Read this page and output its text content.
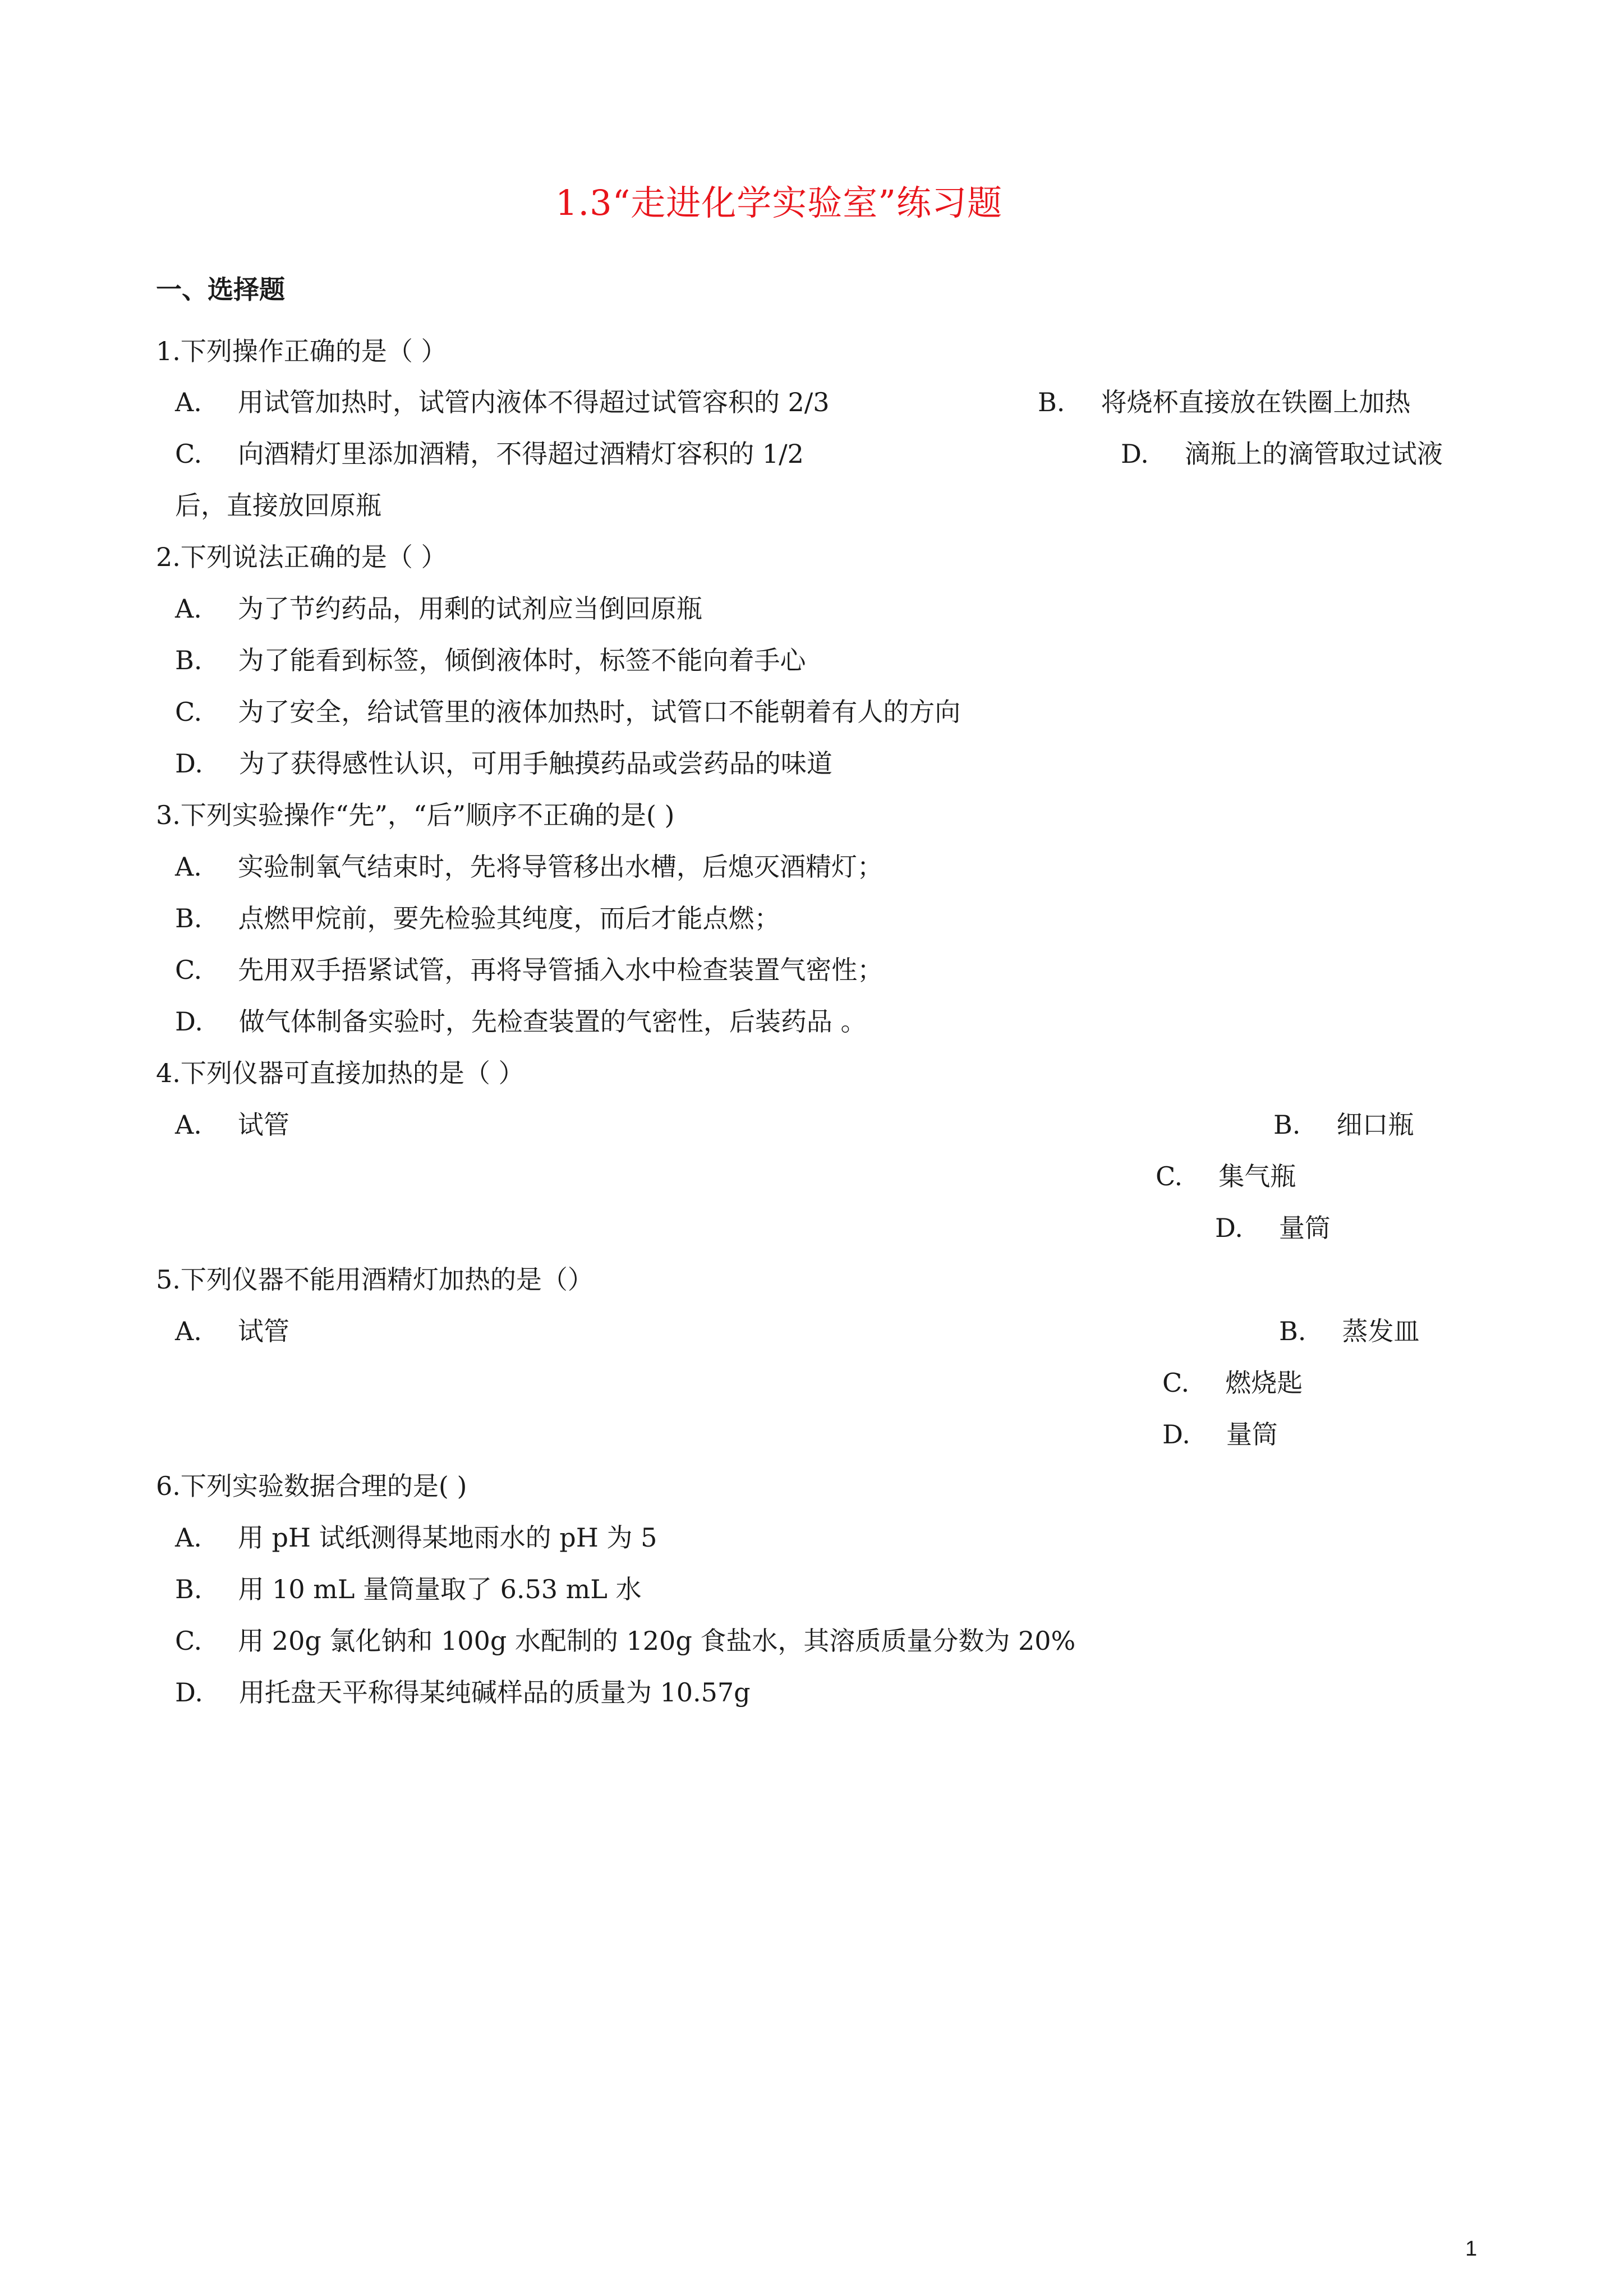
1.3“走进化学实验室”练习题
一、选择题
1.下列操作正确的是（ ）
A. 用试管加热时，试管内液体不得超过试管容积的 2/3	B. 将烧杯直接放在铁圈上加热
C. 向酒精灯里添加酒精，不得超过酒精灯容积的 1/2	D. 滴瓶上的滴管取过试液
后，直接放回原瓶
2.下列说法正确的是（ ）
A. 为了节约药品，用剩的试剂应当倒回原瓶
B. 为了能看到标签，倾倒液体时，标签不能向着手心
C. 为了安全，给试管里的液体加热时，试管口不能朝着有人的方向
D. 为了获得感性认识，可用手触摸药品或尝药品的味道
3.下列实验操作“先”，“后”顺序不正确的是( )
A. 实验制氧气结束时，先将导管移出水槽，后熄灭酒精灯；
B. 点燃甲烷前，要先检验其纯度，而后才能点燃；
C. 先用双手捂紧试管，再将导管插入水中检查装置气密性；
D. 做气体制备实验时，先检查装置的气密性，后装药品 。
4.下列仪器可直接加热的是（ ）
A. 试管	B. 细口瓶
C. 集气瓶
D. 量筒
5.下列仪器不能用酒精灯加热的是（）
A. 试管	B. 蒸发皿
C. 燃烧匙
D. 量筒
6.下列实验数据合理的是( )
A. 用 pH 试纸测得某地雨水的 pH 为 5
B. 用 10 mL 量筒量取了 6.53 mL 水
C. 用 20g 氯化钠和 100g 水配制的 120g 食盐水，其溶质质量分数为 20%
D. 用托盘天平称得某纯碱样品的质量为 10.57g
1
